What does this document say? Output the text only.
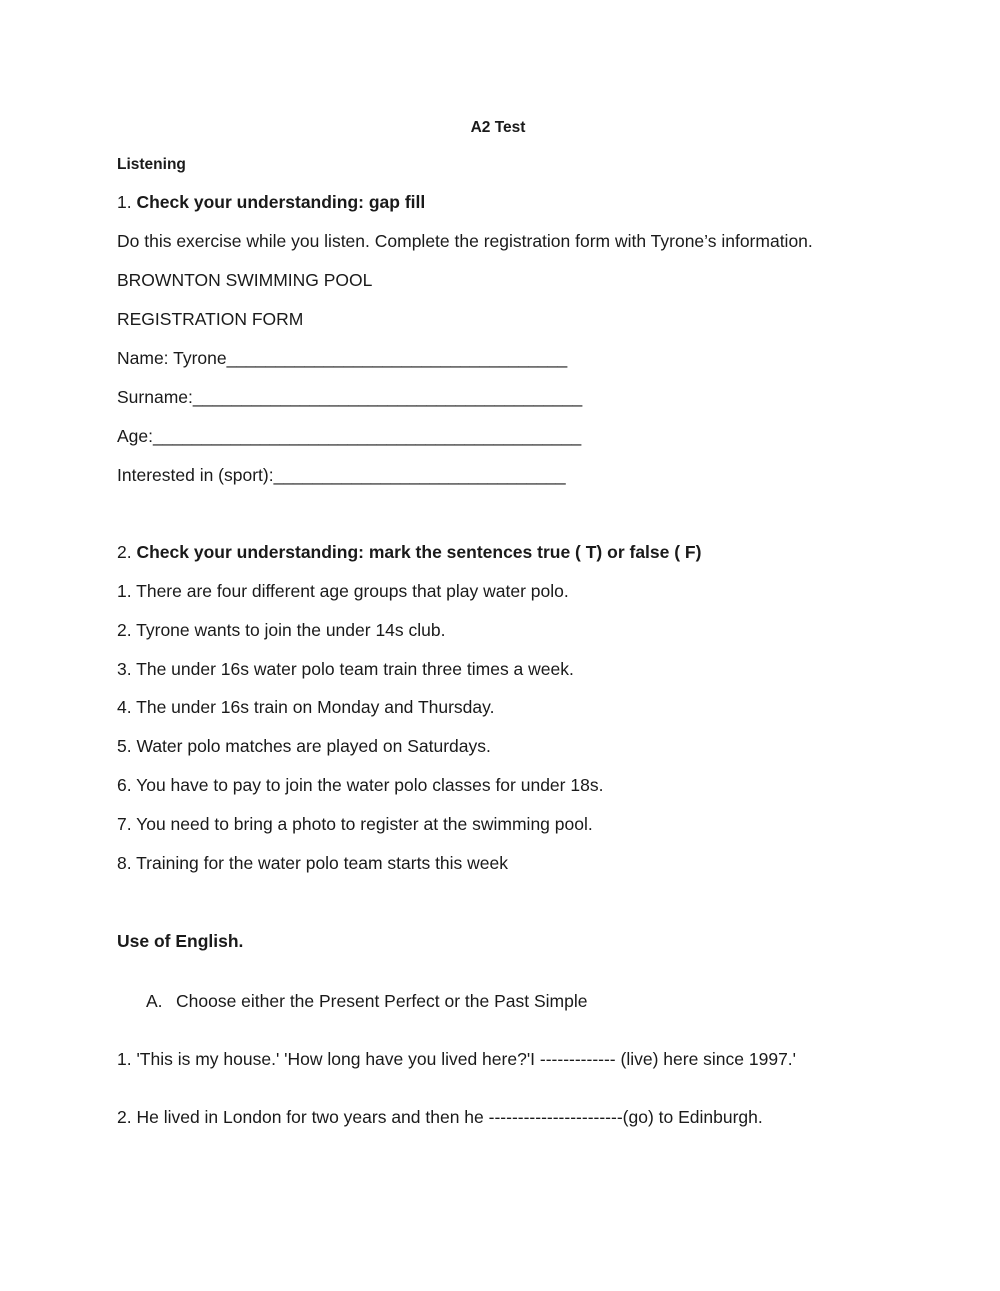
A2 Test
Listening
1. Check your understanding: gap fill
Do this exercise while you listen. Complete the registration form with Tyrone’s information.
BROWNTON SWIMMING POOL
REGISTRATION FORM
Name: Tyrone___________________________________
Surname:________________________________________
Age:____________________________________________
Interested in (sport):______________________________
2. Check your understanding: mark the sentences true ( T) or false ( F)
1. There are four different age groups that play water polo.
2. Tyrone wants to join the under 14s club.
3. The under 16s water polo team train three times a week.
4. The under 16s train on Monday and Thursday.
5. Water polo matches are played on Saturdays.
6. You have to pay to join the water polo classes for under 18s.
7. You need to bring a photo to register at the swimming pool.
8. Training for the water polo team starts this week
Use of English.
A. Choose either the Present Perfect or the Past Simple
1. 'This is my house.' 'How long have you lived here?'I ------------- (live) here since 1997.'
2. He lived in London for two years and then he -----------------------(go) to Edinburgh.
